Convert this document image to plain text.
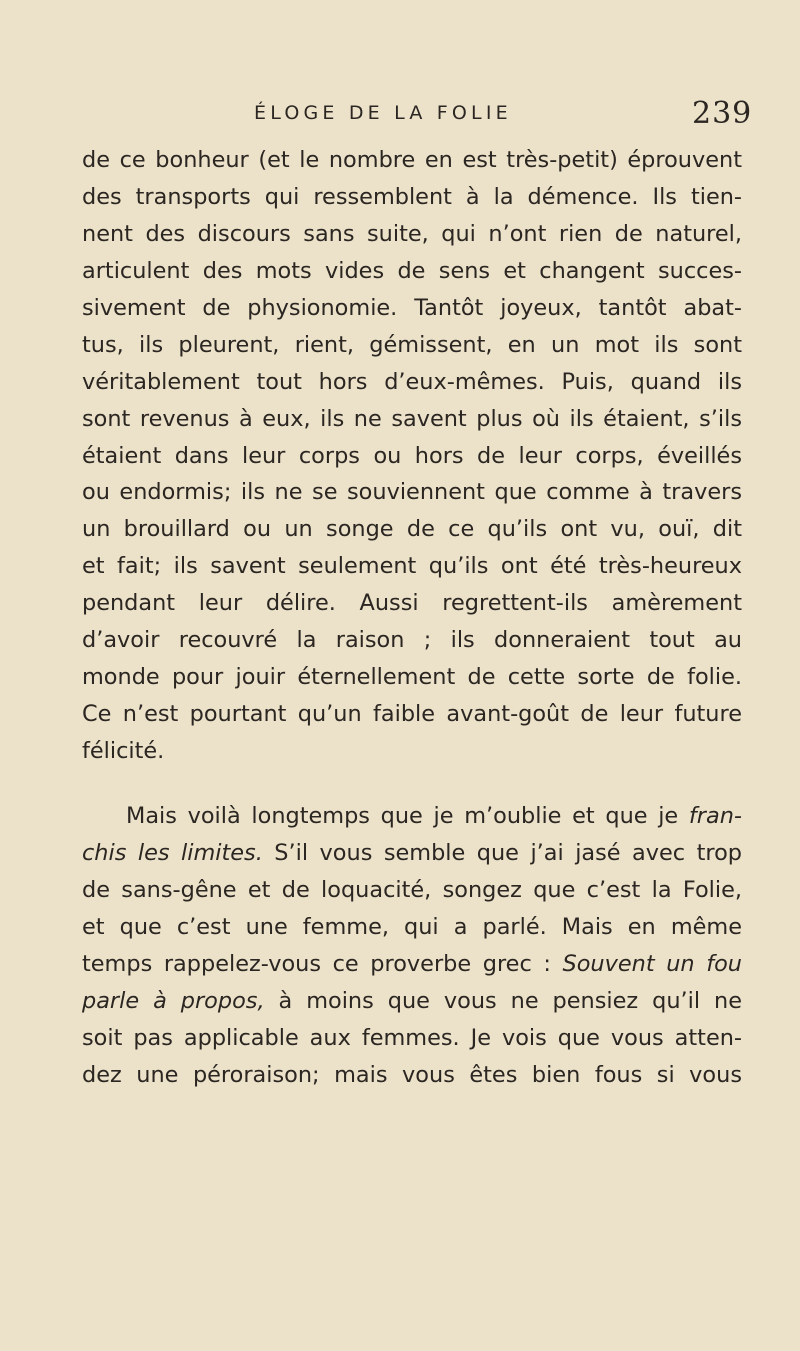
ÉLOGE DE LA FOLIE	239
de ce bonheur (et le nombre en est très-petit) éprouvent
des transports qui ressemblent à la démence. Ils tien-
nent des discours sans suite, qui n’ont rien de naturel,
articulent des mots vides de sens et changent succes-
sivement de physionomie. Tantôt joyeux, tantôt abat-
tus, ils pleurent, rient, gémissent, en un mot ils sont
véritablement tout hors d’eux-mêmes. Puis, quand ils
sont revenus à eux, ils ne savent plus où ils étaient, s’ils
étaient dans leur corps ou hors de leur corps, éveillés
ou endormis; ils ne se souviennent que comme à travers
un brouillard ou un songe de ce qu’ils ont vu, ouï, dit
et fait; ils savent seulement qu’ils ont été très-heureux
pendant leur délire. Aussi regrettent-ils amèrement
d’avoir recouvré la raison ; ils donneraient tout au
monde pour jouir éternellement de cette sorte de folie.
Ce n’est pourtant qu’un faible avant-goût de leur future
félicité.
Mais voilà longtemps que je m’oublie et que je fran-
chis les limites. S’il vous semble que j’ai jasé avec trop
de sans-gêne et de loquacité, songez que c’est la Folie,
et que c’est une femme, qui a parlé. Mais en même
temps rappelez-vous ce proverbe grec : Souvent un fou
parle à propos, à moins que vous ne pensiez qu’il ne
soit pas applicable aux femmes. Je vois que vous atten-
dez une péroraison; mais vous êtes bien fous si vous
